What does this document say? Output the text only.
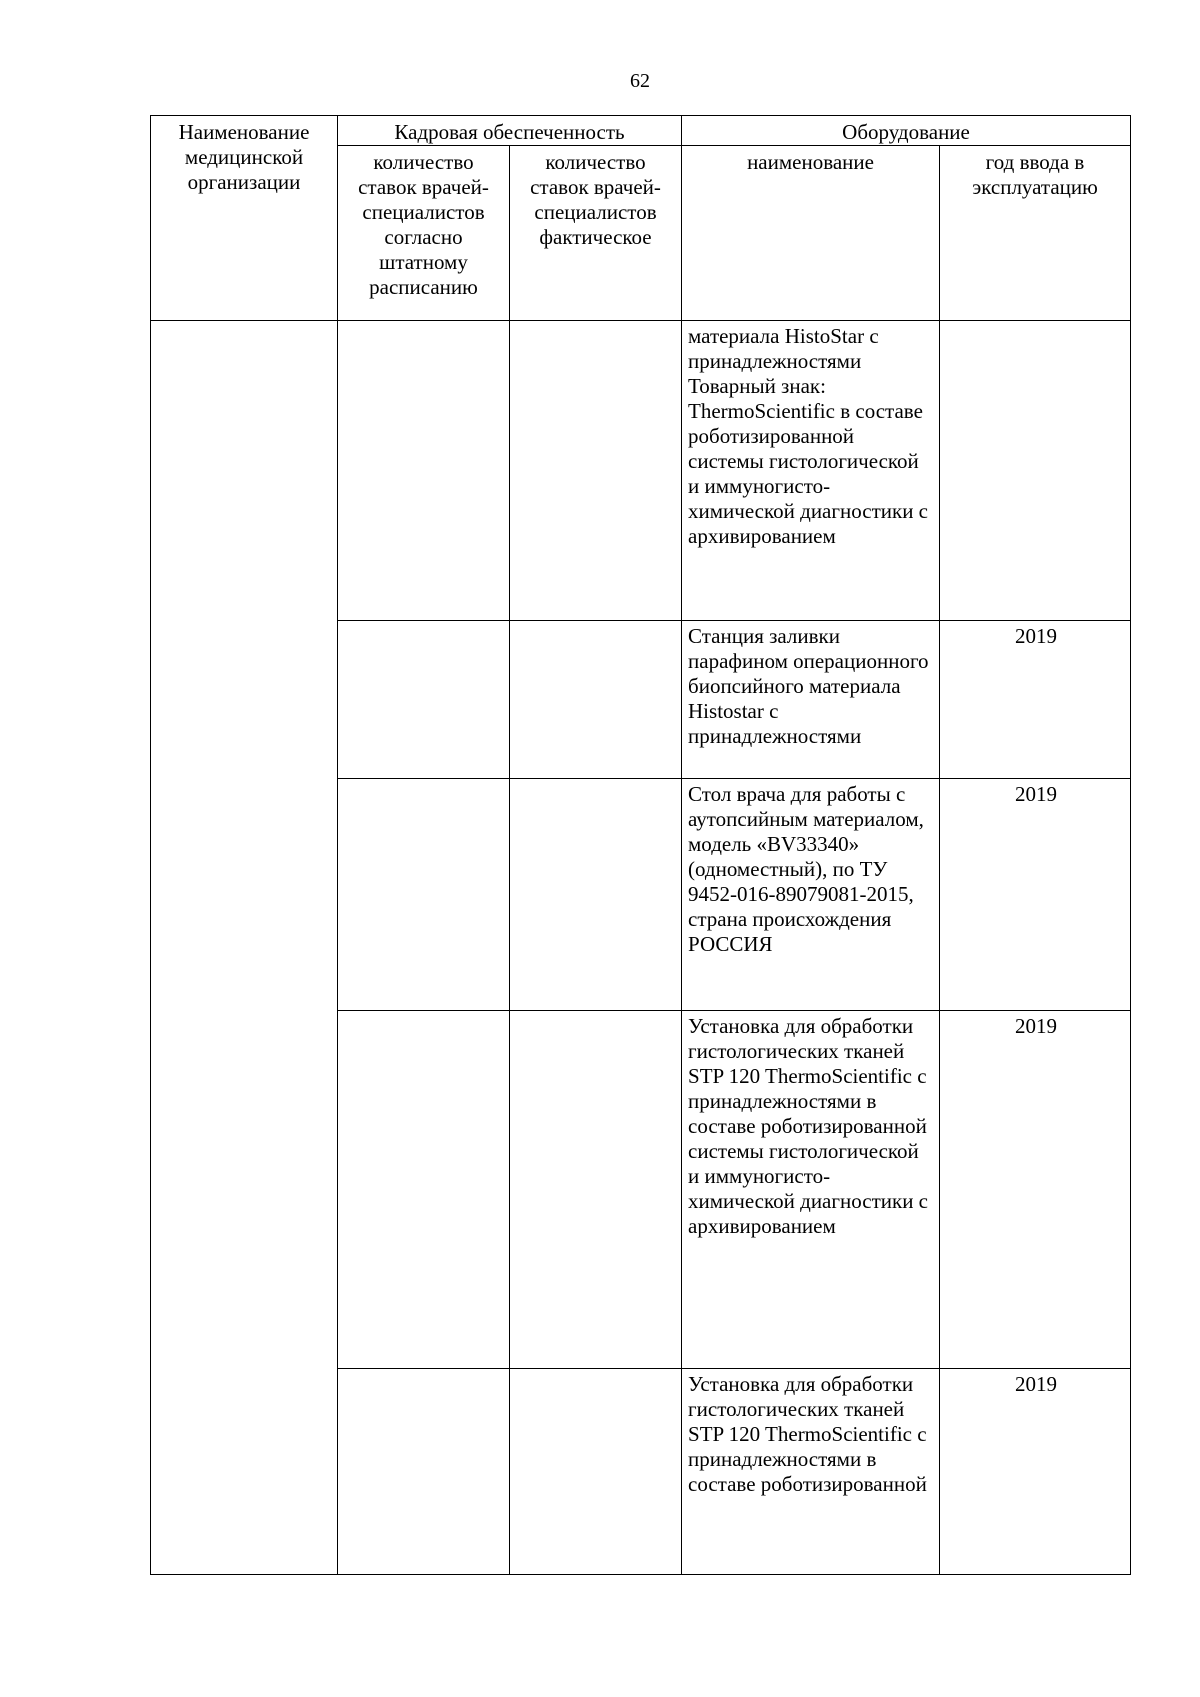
62
Наименование медицинской организации	Кадровая обеспеченность		Оборудование	
	количество ставок врачей-специалистов согласно штатному расписанию	количество ставок врачей-специалистов фактическое	наименование	год ввода в эксплуатацию
			материала HistoStar с принадлежностями Товарный знак: ThermoScientific в составе роботизированной системы гистологической и иммуногисто-химической диагностики с архивированием	
			Станция заливки парафином операционного биопсийного материала Histostar с принадлежностями	2019
			Стол врача для работы с аутопсийным материалом, модель «BV33340» (одноместный), по ТУ 9452-016-89079081-2015, страна происхождения РОССИЯ	2019
			Установка для обработки гистологических тканей STP 120 ThermoScientific с принадлежностями в составе роботизированной системы гистологической и иммуногисто-химической диагностики с архивированием	2019
			Установка для обработки гистологических тканей STP 120 ThermoScientific с принадлежностями в составе роботизированной	2019
